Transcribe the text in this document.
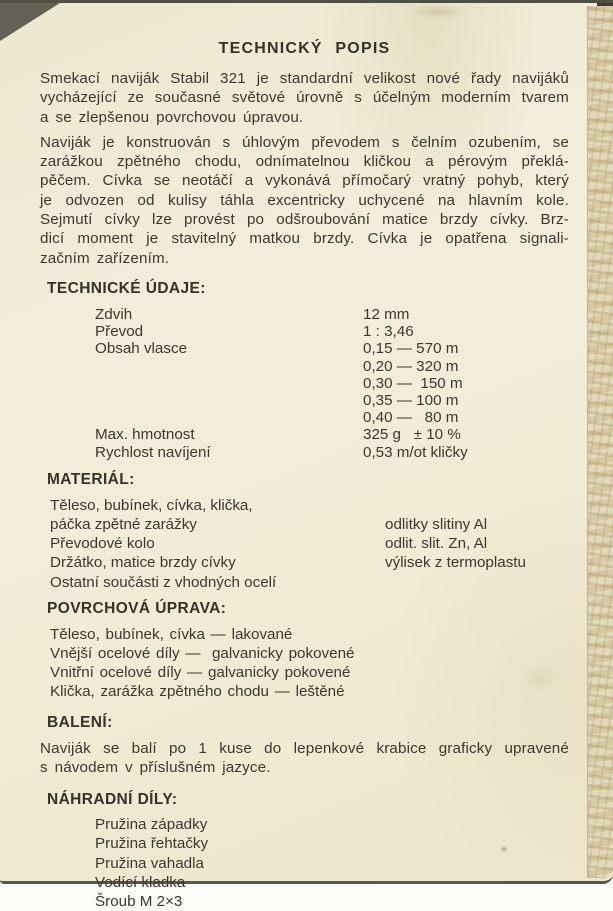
TECHNICKÝ POPIS
Smekací naviják Stabil 321 je standardní velikost nové řady navijáků
vycházející ze současné světové úrovně s účelným moderním tvarem
a se zlepšenou povrchovou úpravou.
Naviják je konstruován s úhlovým převodem s čelním ozubením, se
zarážkou zpětného chodu, odnímatelnou kličkou a pérovým překlá-
pěčem. Cívka se neotáčí a vykonává přímočarý vratný pohyb, který
je odvozen od kulisy táhla excentricky uchycené na hlavním kole.
Sejmutí cívky lze provést po odšroubování matice brzdy cívky. Brz-
dicí moment je stavitelný matkou brzdy. Cívka je opatřena signali-
začním zařízením.
TECHNICKÉ ÚDAJE:
Zdvih	12 mm
Převod	1 : 3,46
Obsah vlasce	0,15 — 570 m
0,20 — 320 m
0,30 —  150 m
0,35 — 100 m
0,40 —   80 m
Max. hmotnost	325 g   ± 10 %
Rychlost navíjení	0,53 m/ot kličky
MATERIÁL:
Těleso, bubínek, cívka, klička,
páčka zpětné zarážky	odlitky slitiny Al
Převodové kolo	odlit. slit. Zn, Al
Držátko, matice brzdy cívky	výlisek z termoplastu
Ostatní součásti z vhodných ocelí
POVRCHOVÁ ÚPRAVA:
Těleso, bubínek, cívka — lakované
Vnější ocelové díly —  galvanicky pokovené
Vnitřní ocelové díly — galvanicky pokovené
Klička, zarážka zpětného chodu — leštěné
BALENÍ:
Naviják se balí po 1 kuse do lepenkové krabice graficky upravené
s návodem v příslušném jazyce.
NÁHRADNÍ DÍLY:
Pružina západky
Pružina řehtačky
Pružina vahadla
Vodící kladka
Šroub M 2×3
